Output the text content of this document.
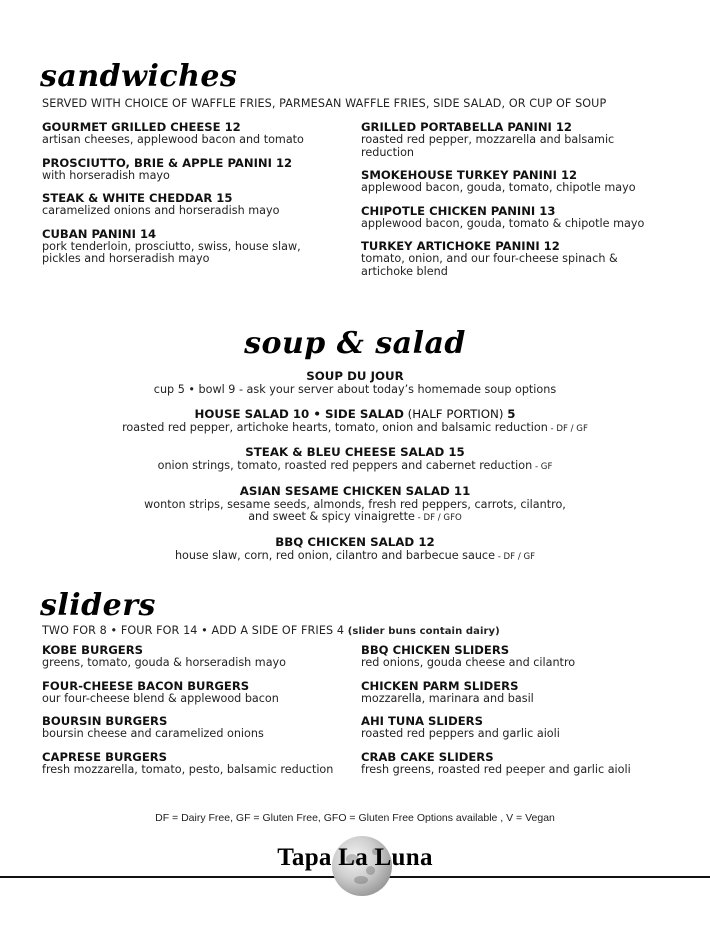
sandwiches
SERVED WITH CHOICE OF WAFFLE FRIES, PARMESAN WAFFLE FRIES, SIDE SALAD, OR CUP OF SOUP
GOURMET GRILLED CHEESE 12
artisan cheeses, applewood bacon and tomato
PROSCIUTTO, BRIE & APPLE PANINI 12
with horseradish mayo
STEAK & WHITE CHEDDAR 15
caramelized onions and horseradish mayo
CUBAN PANINI 14
pork tenderloin, prosciutto, swiss, house slaw, pickles and horseradish mayo
GRILLED PORTABELLA PANINI 12
roasted red pepper, mozzarella and balsamic reduction
SMOKEHOUSE TURKEY PANINI 12
applewood bacon, gouda, tomato, chipotle mayo
CHIPOTLE CHICKEN PANINI 13
applewood bacon, gouda, tomato & chipotle mayo
TURKEY ARTICHOKE PANINI 12
tomato, onion, and our four-cheese spinach & artichoke blend
soup & salad
SOUP DU JOUR
cup 5 • bowl 9 - ask your server about today’s homemade soup options
HOUSE SALAD 10 • SIDE SALAD (HALF PORTION) 5
roasted red pepper, artichoke hearts, tomato, onion and balsamic reduction - DF / GF
STEAK & BLEU CHEESE SALAD 15
onion strings, tomato, roasted red peppers and cabernet reduction - GF
ASIAN SESAME CHICKEN SALAD 11
wonton strips, sesame seeds, almonds, fresh red peppers, carrots, cilantro,
and sweet & spicy vinaigrette - DF / GFO
BBQ CHICKEN SALAD 12
house slaw, corn, red onion, cilantro and barbecue sauce - DF / GF
sliders
TWO FOR 8 • FOUR FOR 14 • ADD A SIDE OF FRIES 4 (slider buns contain dairy)
KOBE BURGERS
greens, tomato, gouda & horseradish mayo
FOUR-CHEESE BACON BURGERS
our four-cheese blend & applewood bacon
BOURSIN BURGERS
boursin cheese and caramelized onions
CAPRESE BURGERS
fresh mozzarella, tomato, pesto, balsamic reduction
BBQ CHICKEN SLIDERS
red onions, gouda cheese and cilantro
CHICKEN PARM SLIDERS
mozzarella, marinara and basil
AHI TUNA SLIDERS
roasted red peppers and garlic aioli
CRAB CAKE SLIDERS
fresh greens, roasted red peeper and garlic aioli
DF = Dairy Free, GF = Gluten Free, GFO = Gluten Free Options available , V = Vegan
Tapa La Luna
